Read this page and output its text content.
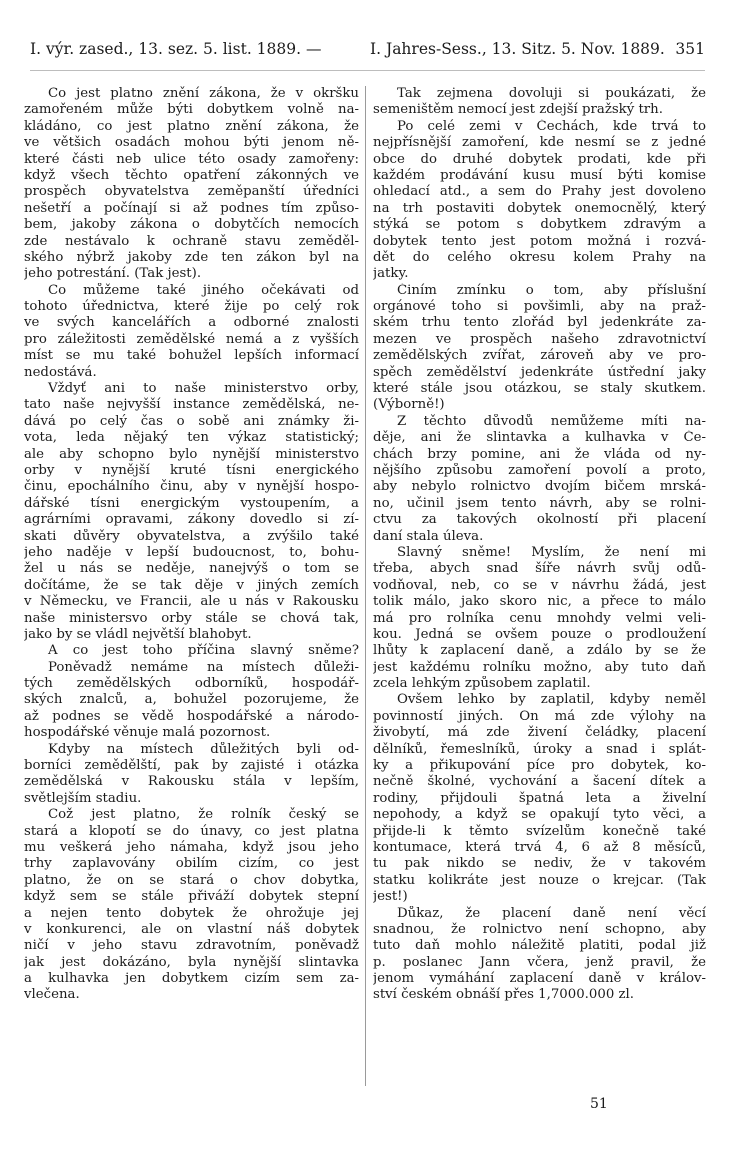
I. výr. zased., 13. sez. 5. list. 1889. —	I. Jahres-Sess., 13. Sitz. 5. Nov. 1889. 351
Co jest platno znění zákona, že v okršku
zamořeném může býti dobytkem volně na-
kládáno, co jest platno znění zákona, že
ve většich osadách mohou býti jenom ně-
které části neb ulice této osady zamořeny:
když všech těchto opatření zákonných ve
prospěch obyvatelstva zeměpanští úředníci
nešetří a počínají si až podnes tím způso-
bem, jakoby zákona o dobytčích nemocích
zde nestávalo k ochraně stavu zeměděl-
ského nýbrž jakoby zde ten zákon byl na
jeho potrestání. (Tak jest).
Co můžeme také jiného očekávati od
tohoto úřednictva, které žije po celý rok
ve svých kancelářích a odborné znalosti
pro záležitosti zemědělské nemá a z vyšších
míst se mu také bohužel lepších informací
nedostává.
Vždyť ani to naše ministerstvo orby,
tato naše nejvyšší instance zemědělská, ne-
dává po celý čas o sobě ani známky ži-
vota, leda nějaký ten výkaz statistický;
ale aby schopno bylo nynější ministerstvo
orby v nynější kruté tísni energického
činu, epochálního činu, aby v nynější hospo-
dářské tísni energickým vystoupením, a
agrárními opravami, zákony dovedlo si zí-
skati důvěry obyvatelstva, a zvýšilo také
jeho naděje v lepší budoucnost, to, bohu-
žel u nás se neděje, nanejvýš o tom se
dočítáme, že se tak děje v jiných zemích
v Německu, ve Francii, ale u nás v Rakousku
naše ministersvo orby stále se chová tak,
jako by se vládl největší blahobyt.
A co jest toho příčina slavný sněme?
Poněvadž nemáme na místech důleži-
tých zemědělských odborníků, hospodář-
ských znalců, a, bohužel pozorujeme, že
až podnes se vědě hospodářské a národo-
hospodářské věnuje malá pozornost.
Kdyby na místech důležitých byli od-
borníci zemědělští, pak by zajisté i otázka
zemědělská v Rakousku stála v lepším,
světlejším stadiu.
Což jest platno, že rolník český se
stará a klopotí se do únavy, co jest platna
mu veškerá jeho námaha, když jsou jeho
trhy zaplavovány obilím cizím, co jest
platno, že on se stará o chov dobytka,
když sem se stále přiváží dobytek stepní
a nejen tento dobytek že ohrožuje jej
v konkurenci, ale on vlastní náš dobytek
ničí v jeho stavu zdravotním, poněvadž
jak jest dokázáno, byla nynější slintavka
a kulhavka jen dobytkem cizím sem za-
vlečena.
Tak zejmena dovoluji si poukázati, že
semeništěm nemocí jest zdejší pražský trh.
Po celé zemi v Čechách, kde trvá to
nejpřísnější zamoření, kde nesmí se z jedné
obce do druhé dobytek prodati, kde při
každém prodávání kusu musí býti komise
ohledací atd., a sem do Prahy jest dovoleno
na trh postaviti dobytek onemocnělý, který
stýká se potom s dobytkem zdravým a
dobytek tento jest potom možná i rozvá-
dět do celého okresu kolem Prahy na
jatky.
Činím zmínku o tom, aby příslušní
orgánové toho si povšimli, aby na praž-
ském trhu tento zlořád byl jedenkráte za-
mezen ve prospěch našeho zdravotnictví
zemědělských zvířat, zároveň aby ve pro-
spěch zemědělství jedenkráte ústřední jaky
které stále jsou otázkou, se staly skutkem.
(Výborně!)
Z těchto důvodů nemůžeme míti na-
děje, ani že slintavka a kulhavka v Če-
chách brzy pomine, ani že vláda od ny-
nějšího způsobu zamoření povolí a proto,
aby nebylo rolnictvo dvojím bičem mrská-
no, učinil jsem tento návrh, aby se rolni-
ctvu za takových okolností při placení
daní stala úleva.
Slavný sněme! Myslím, že není mi
třeba, abych snad šíře návrh svůj odů-
vodňoval, neb, co se v návrhu žádá, jest
tolik málo, jako skoro nic, a přece to málo
má pro rolníka cenu mnohdy velmi veli-
kou. Jedná se ovšem pouze o prodloužení
lhůty k zaplacení daně, a zdálo by se že
jest každému rolníku možno, aby tuto daň
zcela lehkým způsobem zaplatil.
Ovšem lehko by zaplatil, kdyby neměl
povinností jiných. On má zde výlohy na
živobytí, má zde živení čeládky, placení
dělníků, řemeslníků, úroky a snad i splát-
ky a přikupování píce pro dobytek, ko-
nečně školné, vychování a šacení dítek a
rodiny, přijdouli špatná leta a živelní
nepohody, a když se opakují tyto věci, a
přijde-li k těmto svízelům konečně také
kontumace, která trvá 4, 6 až 8 měsíců,
tu pak nikdo se nediv, že v takovém
statku kolikráte jest nouze o krejcar. (Tak
jest!)
Důkaz, že placení daně není věcí
snadnou, že rolnictvo není schopno, aby
tuto daň mohlo náležitě platiti, podal již
p. poslanec Jann včera, jenž pravil, že
jenom vymáhání zaplacení daně v králov-
ství českém obnáší přes 1,7000.000 zl.
51
